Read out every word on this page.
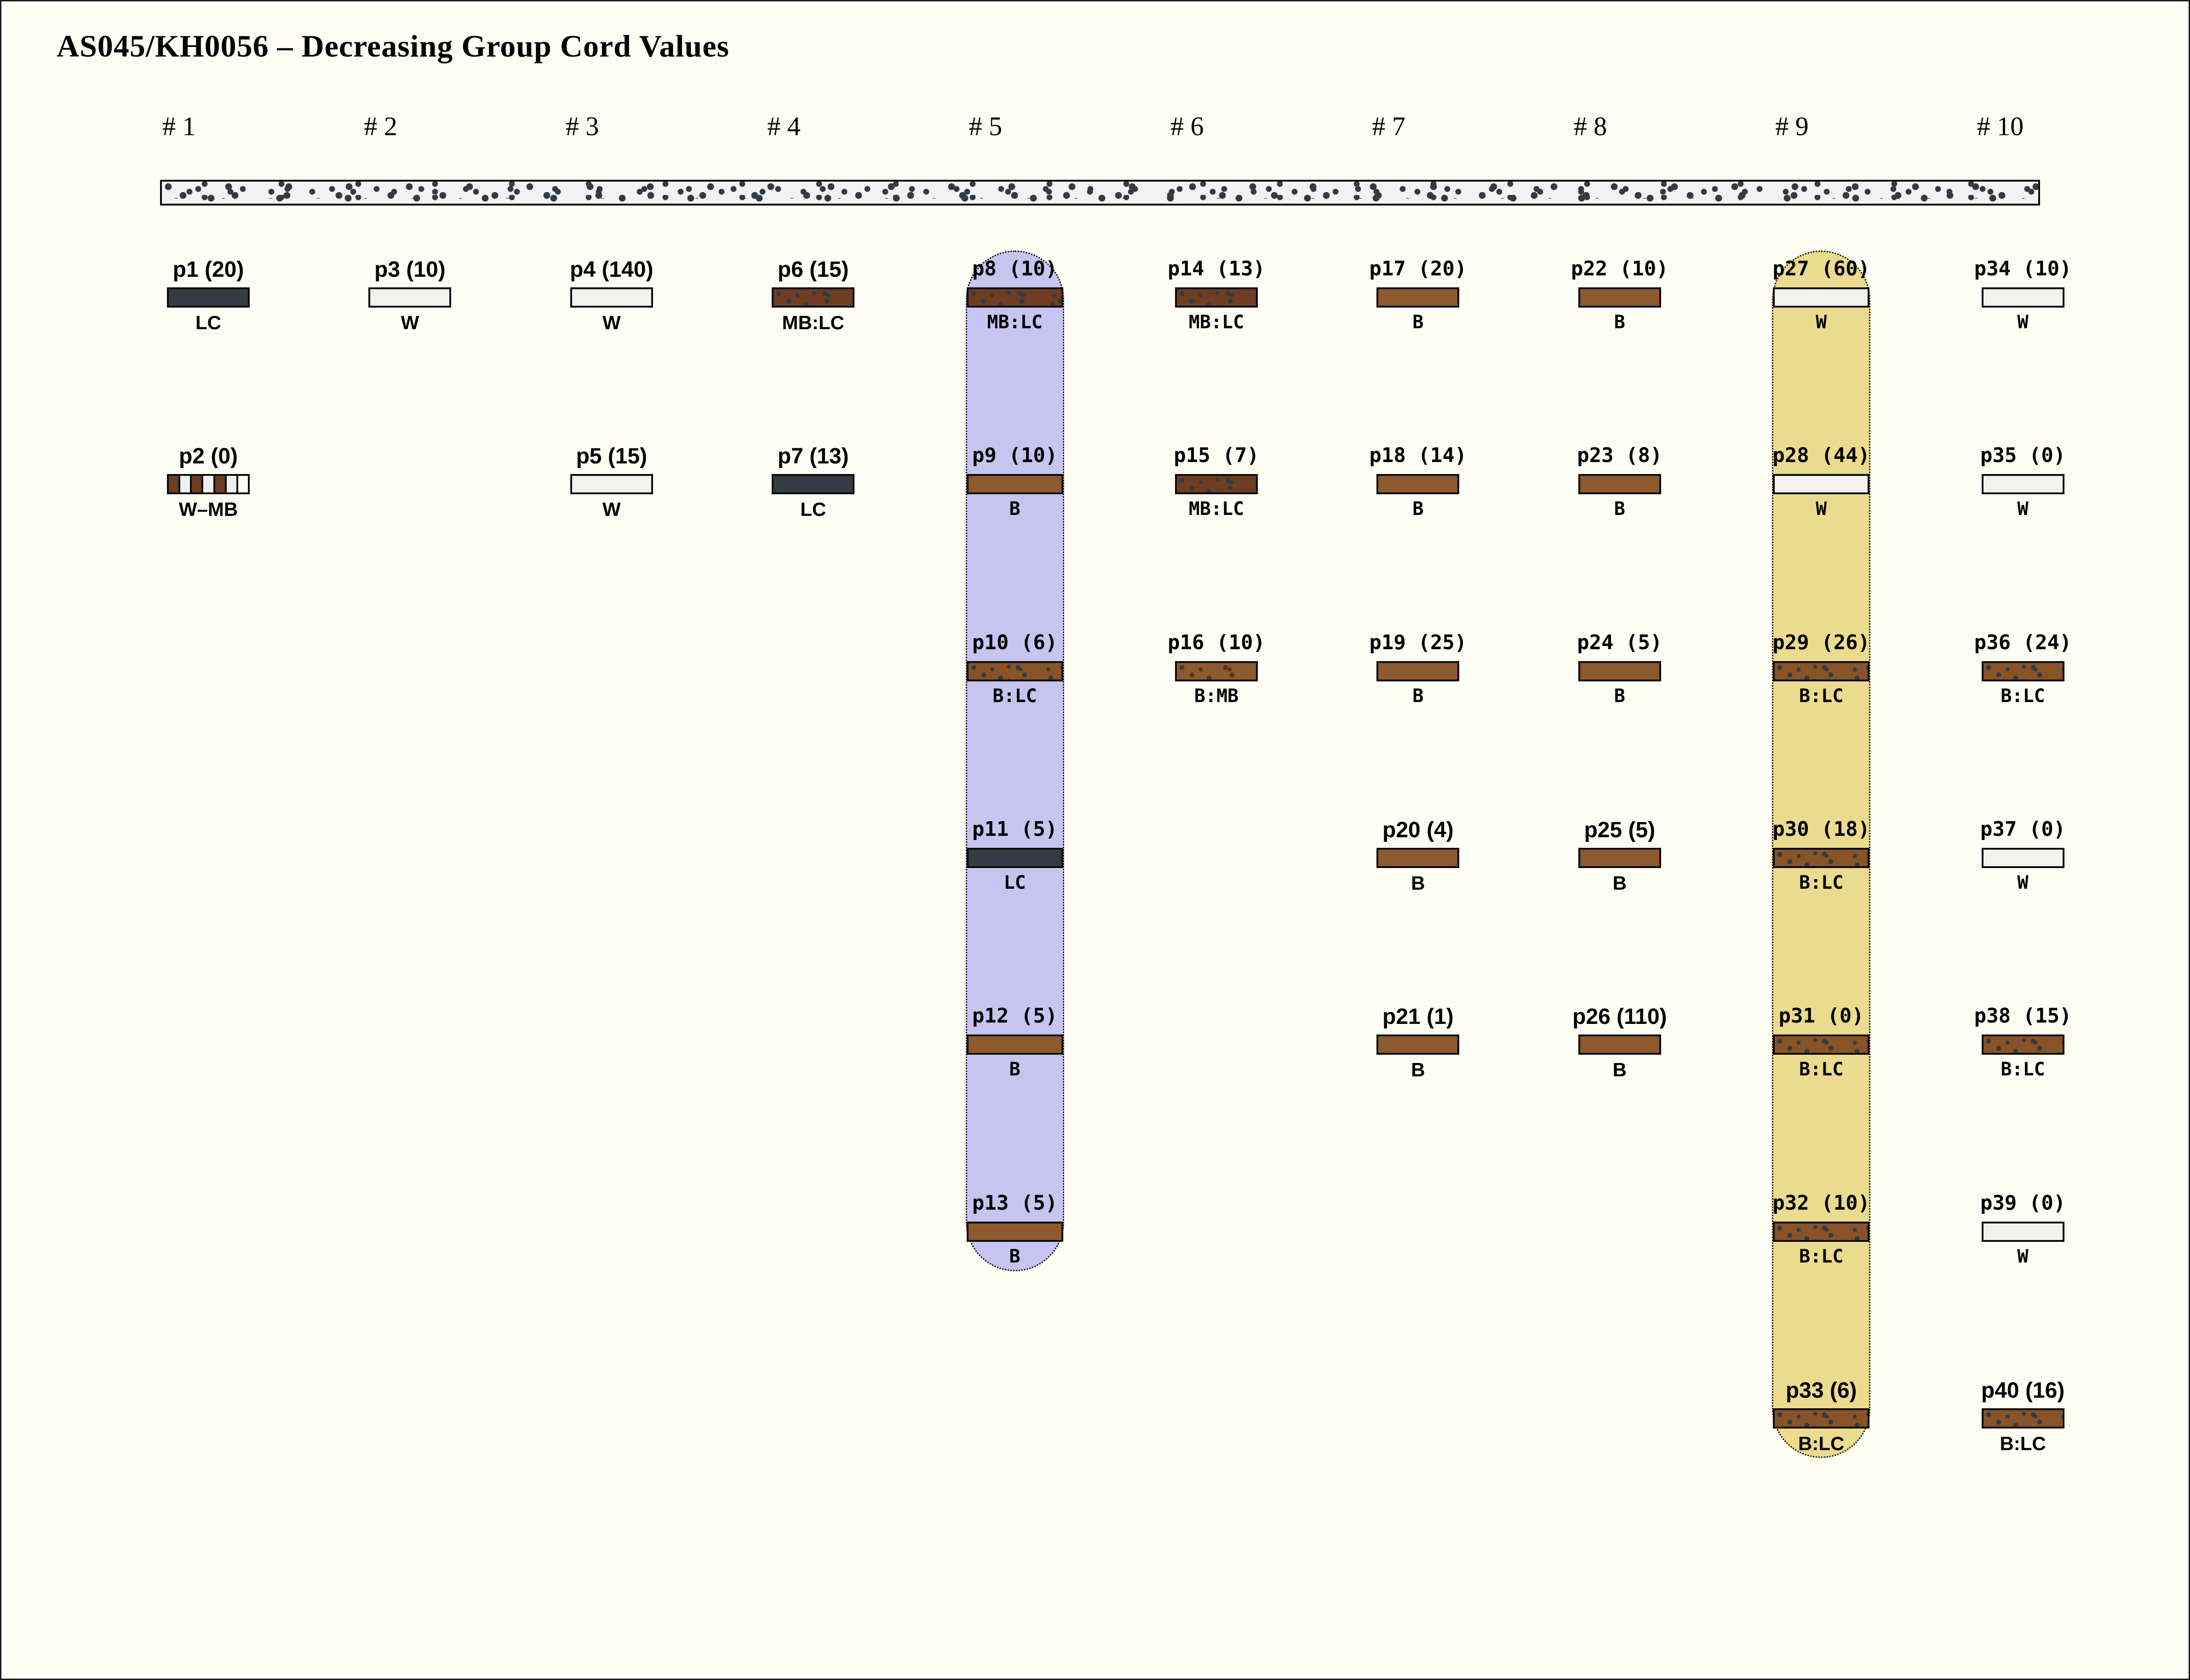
AS045/KH0056 – Decreasing Group Cord Values
# 1
p1 (20)
LC
p2 (0)
W–MB
# 2
p3 (10)
W
# 3
p4 (140)
W
p5 (15)
W
# 4
p6 (15)
MB:LC
p7 (13)
LC
# 5
p8 (10)
MB:LC
p9 (10)
B
p10 (6)
B:LC
p11 (5)
LC
p12 (5)
B
p13 (5)
B
# 6
p14 (13)
MB:LC
p15 (7)
MB:LC
p16 (10)
B:MB
# 7
p17 (20)
B
p18 (14)
B
p19 (25)
B
p20 (4)
B
p21 (1)
B
# 8
p22 (10)
B
p23 (8)
B
p24 (5)
B
p25 (5)
B
p26 (110)
B
# 9
p27 (60)
W
p28 (44)
W
p29 (26)
B:LC
p30 (18)
B:LC
p31 (0)
B:LC
p32 (10)
B:LC
p33 (6)
B:LC
# 10
p34 (10)
W
p35 (0)
W
p36 (24)
B:LC
p37 (0)
W
p38 (15)
B:LC
p39 (0)
W
p40 (16)
B:LC
